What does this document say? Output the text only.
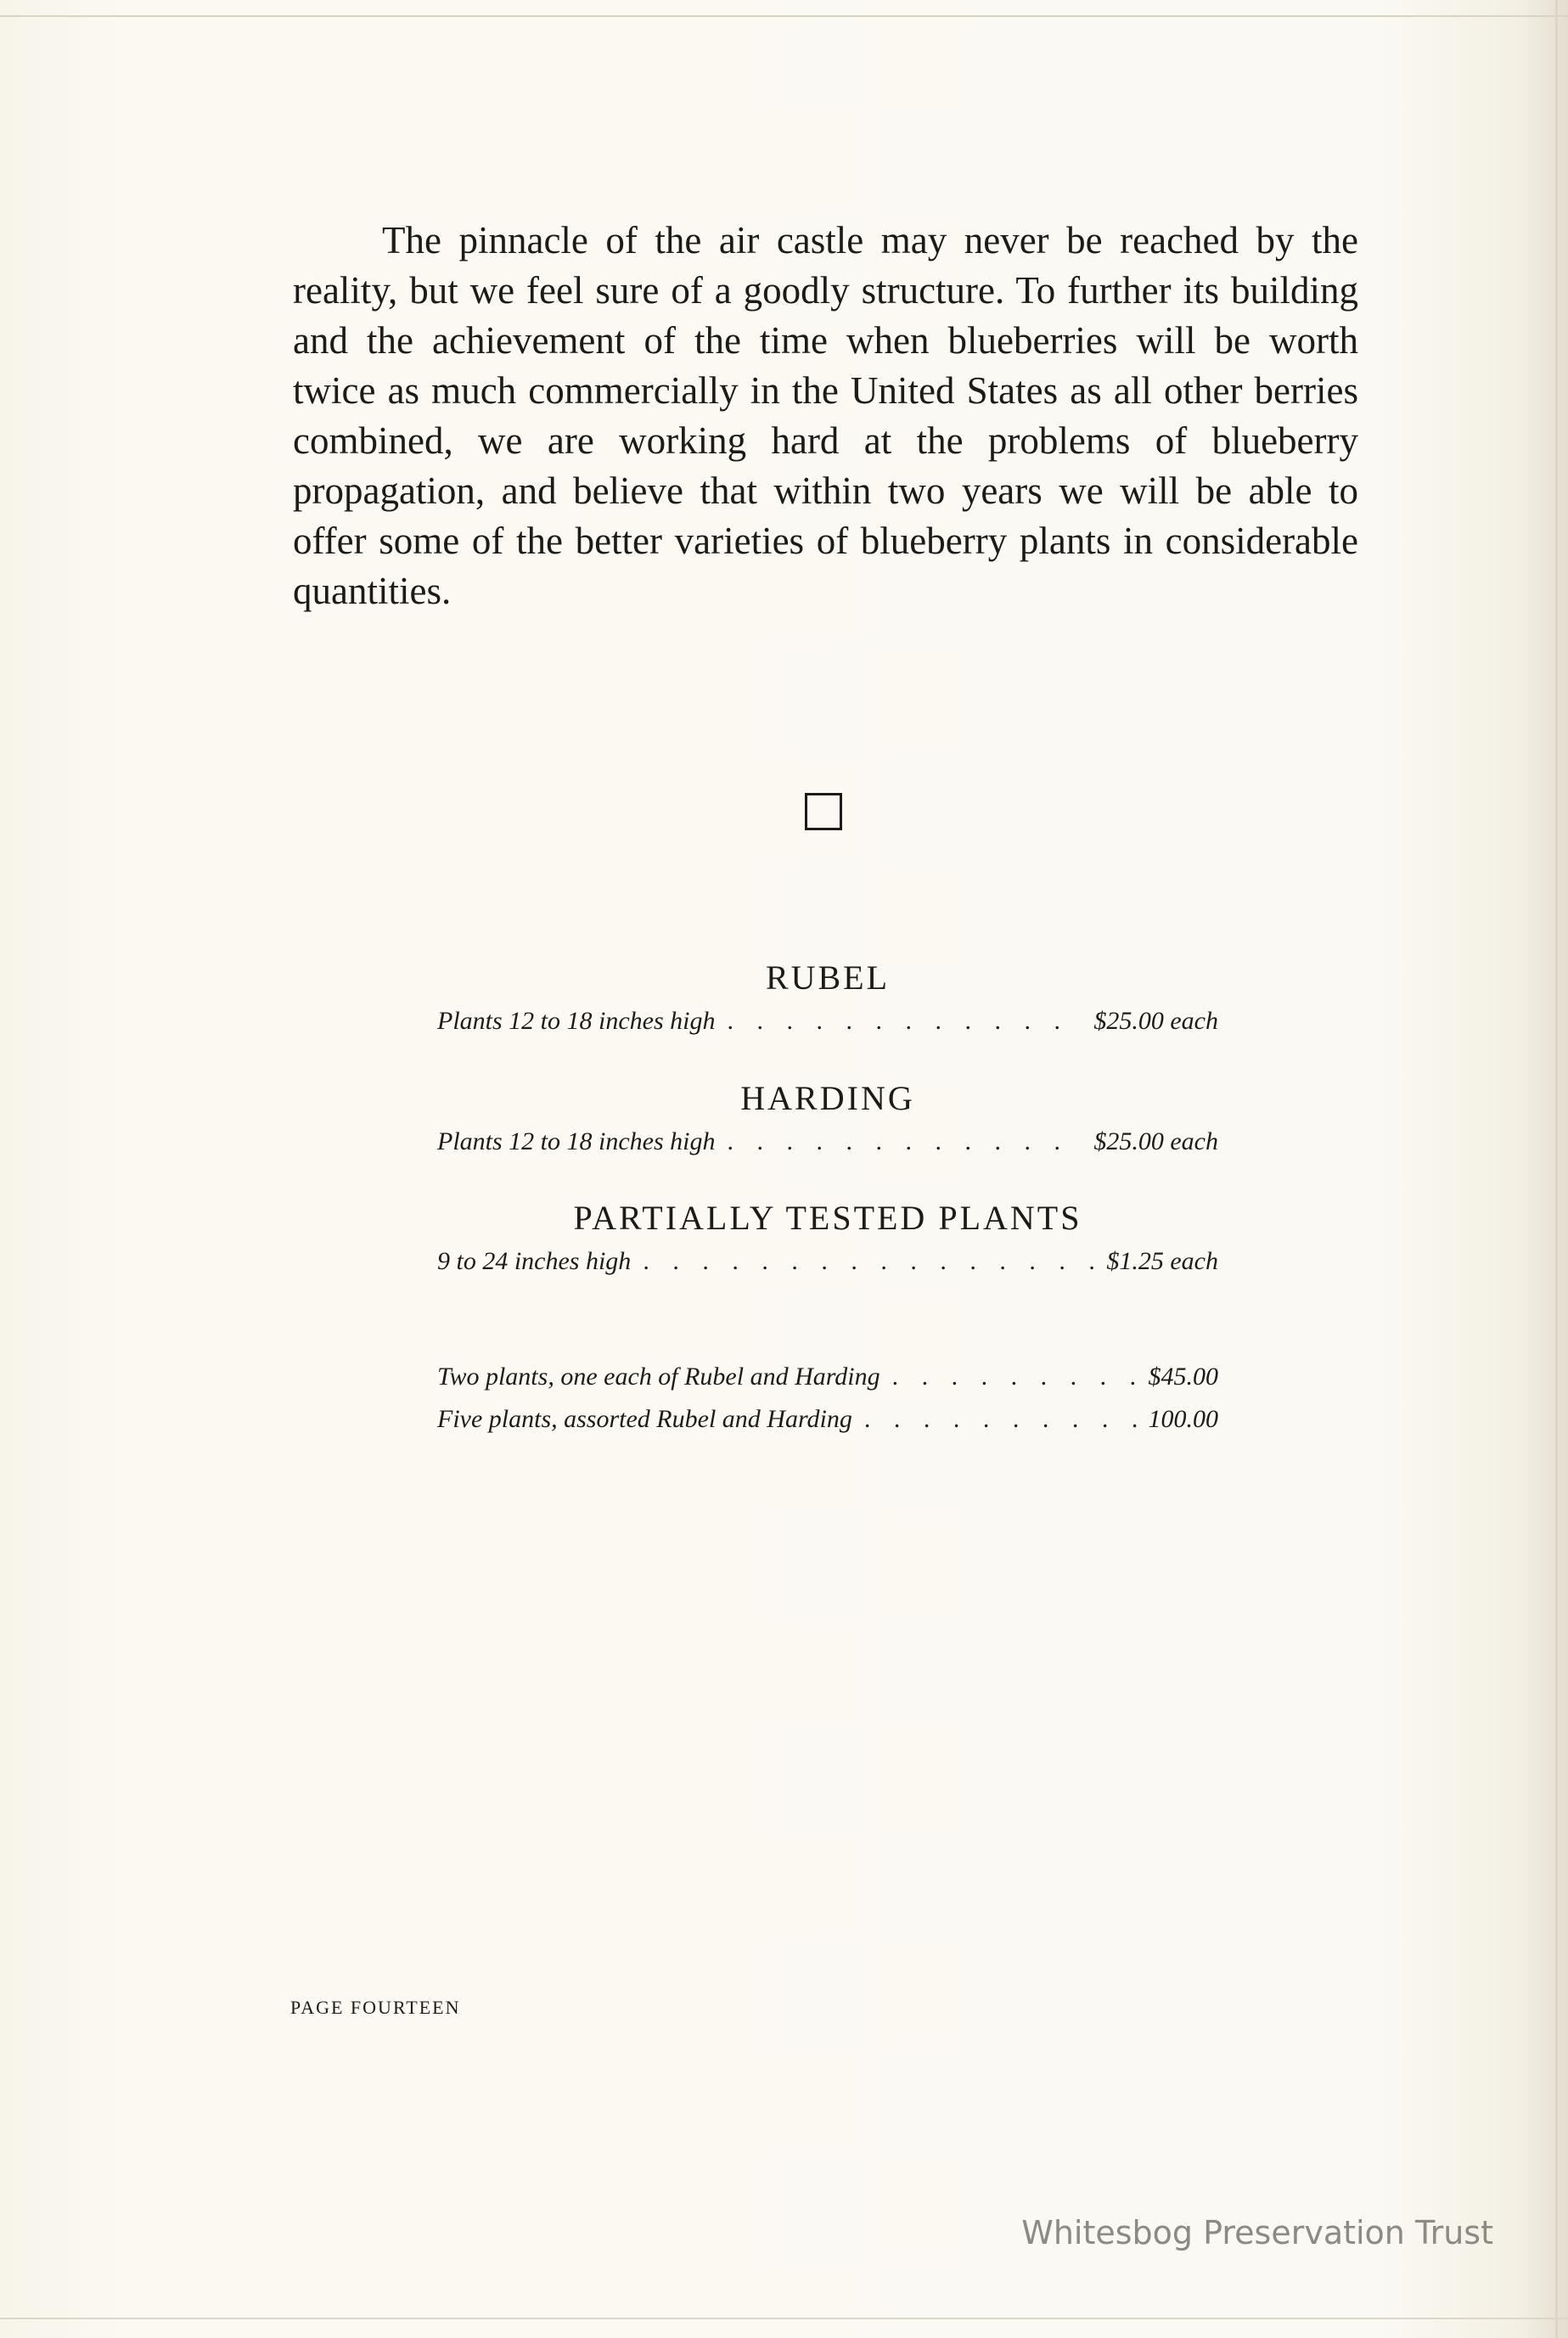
The pinnacle of the air castle may never be reached by the reality, but we feel sure of a goodly structure. To further its building and the achievement of the time when blueberries will be worth twice as much commercially in the United States as all other berries combined, we are working hard at the problems of blueberry propagation, and believe that within two years we will be able to offer some of the better varieties of blueberry plants in considerable quantities.

RUBEL
Plants 12 to 18 inches high . . .	$25.00 each
HARDING
Plants 12 to 18 inches high . . .	$25.00 each
PARTIALLY TESTED PLANTS
9 to 24 inches high . . .	$1.25 each
Two plants, one each of Rubel and Harding . . .	$45.00
Five plants, assorted Rubel and Harding . . .	100.00
PAGE FOURTEEN
Whitesbog Preservation Trust
